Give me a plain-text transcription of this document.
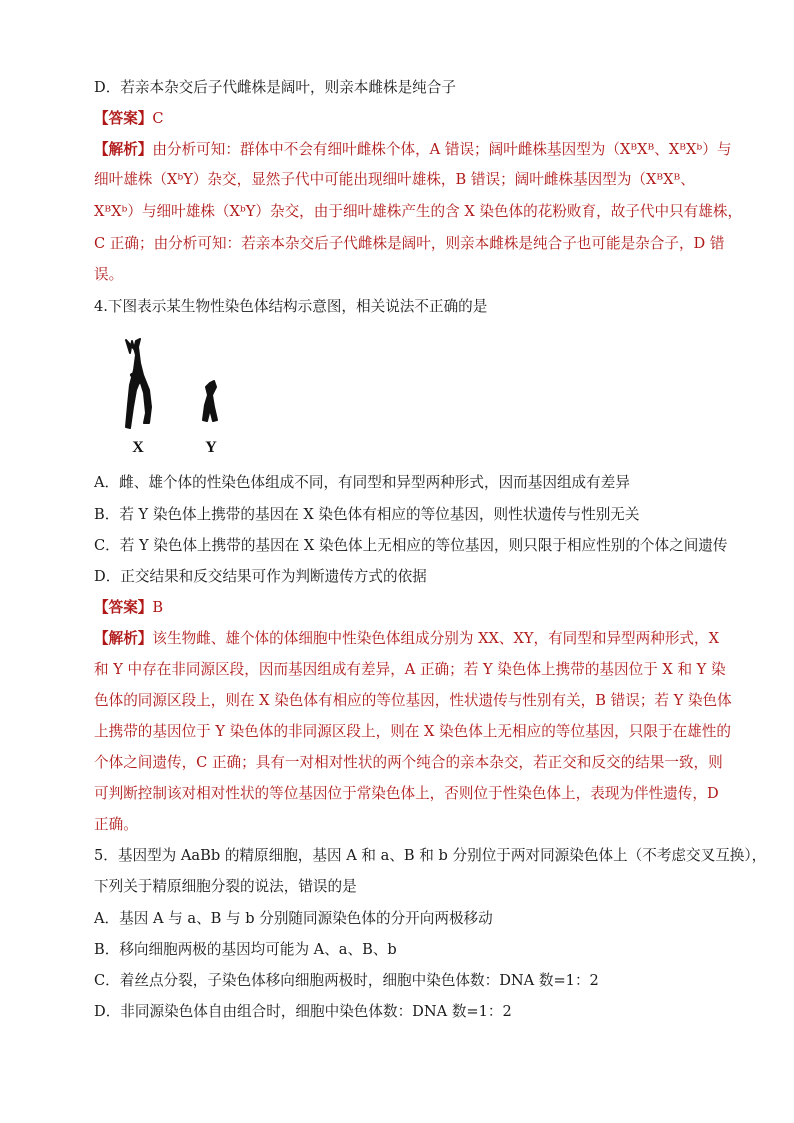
D．若亲本杂交后子代雌株是阔叶，则亲本雌株是纯合子
【答案】C
【解析】由分析可知：群体中不会有细叶雌株个体，A 错误；阔叶雌株基因型为（XᴮXᴮ、XᴮXᵇ）与
细叶雄株（XᵇY）杂交，显然子代中可能出现细叶雄株，B 错误；阔叶雌株基因型为（XᴮXᴮ、
XᴮXᵇ）与细叶雄株（XᵇY）杂交，由于细叶雄株产生的含 X 染色体的花粉败育，故子代中只有雄株，
C 正确；由分析可知：若亲本杂交后子代雌株是阔叶，则亲本雌株是纯合子也可能是杂合子，D 错
误。
4.下图表示某生物性染色体结构示意图，相关说法不正确的是
X	Y
A．雌、雄个体的性染色体组成不同，有同型和异型两种形式，因而基因组成有差异
B．若 Y 染色体上携带的基因在 X 染色体有相应的等位基因，则性状遗传与性别无关
C．若 Y 染色体上携带的基因在 X 染色体上无相应的等位基因，则只限于相应性别的个体之间遗传
D．正交结果和反交结果可作为判断遗传方式的依据
【答案】B
【解析】该生物雌、雄个体的体细胞中性染色体组成分别为 XX、XY，有同型和异型两种形式，X
和 Y 中存在非同源区段，因而基因组成有差异，A 正确；若 Y 染色体上携带的基因位于 X 和 Y 染
色体的同源区段上，则在 X 染色体有相应的等位基因，性状遗传与性别有关，B 错误；若 Y 染色体
上携带的基因位于 Y 染色体的非同源区段上，则在 X 染色体上无相应的等位基因，只限于在雄性的
个体之间遗传，C 正确；具有一对相对性状的两个纯合的亲本杂交，若正交和反交的结果一致，则
可判断控制该对相对性状的等位基因位于常染色体上，否则位于性染色体上，表现为伴性遗传，D
正确。
5．基因型为 AaBb 的精原细胞，基因 A 和 a、B 和 b 分别位于两对同源染色体上（不考虑交叉互换），
下列关于精原细胞分裂的说法，错误的是
A．基因 A 与 a、B 与 b 分别随同源染色体的分开向两极移动
B．移向细胞两极的基因均可能为 A、a、B、b
C．着丝点分裂，子染色体移向细胞两极时，细胞中染色体数：DNA 数=1：2
D．非同源染色体自由组合时，细胞中染色体数：DNA 数=1：2
